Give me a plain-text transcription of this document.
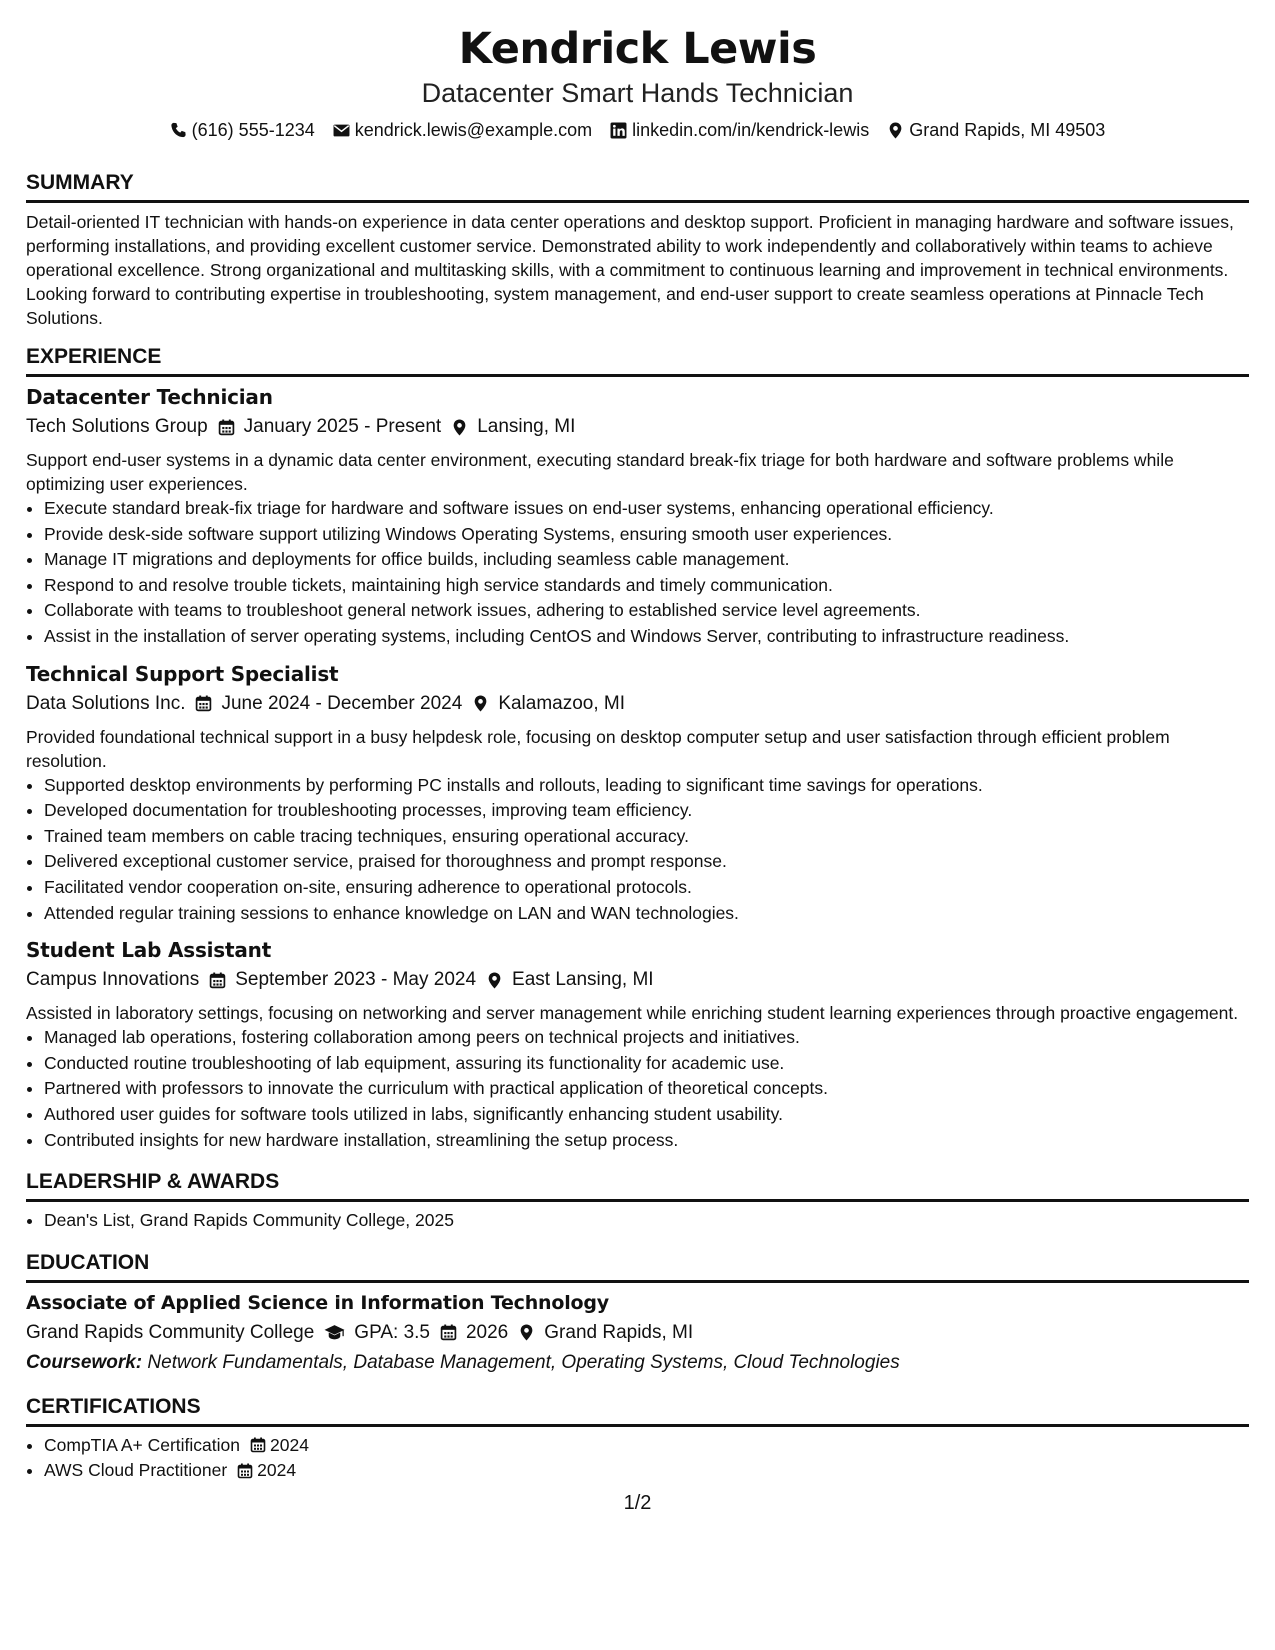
Kendrick Lewis
Datacenter Smart Hands Technician
(616) 555-1234 kendrick.lewis@example.com linkedin.com/in/kendrick-lewis Grand Rapids, MI 49503
SUMMARY

Detail-oriented IT technician with hands-on experience in data center operations and desktop support. Proficient in managing hardware and software issues, performing installations, and providing excellent customer service. Demonstrated ability to work independently and collaboratively within teams to achieve operational excellence. Strong organizational and multitasking skills, with a commitment to continuous learning and improvement in technical environments. Looking forward to contributing expertise in troubleshooting, system management, and end-user support to create seamless operations at Pinnacle Tech Solutions.

EXPERIENCE
Datacenter Technician
Tech Solutions Group January 2025 - Present Lansing, MI
Support end-user systems in a dynamic data center environment, executing standard break-fix triage for both hardware and software problems while optimizing user experiences.
• Execute standard break-fix triage for hardware and software issues on end-user systems, enhancing operational efficiency.
• Provide desk-side software support utilizing Windows Operating Systems, ensuring smooth user experiences.
• Manage IT migrations and deployments for office builds, including seamless cable management.
• Respond to and resolve trouble tickets, maintaining high service standards and timely communication.
• Collaborate with teams to troubleshoot general network issues, adhering to established service level agreements.
• Assist in the installation of server operating systems, including CentOS and Windows Server, contributing to infrastructure readiness.
Technical Support Specialist
Data Solutions Inc. June 2024 - December 2024 Kalamazoo, MI
Provided foundational technical support in a busy helpdesk role, focusing on desktop computer setup and user satisfaction through efficient problem resolution.
• Supported desktop environments by performing PC installs and rollouts, leading to significant time savings for operations.
• Developed documentation for troubleshooting processes, improving team efficiency.
• Trained team members on cable tracing techniques, ensuring operational accuracy.
• Delivered exceptional customer service, praised for thoroughness and prompt response.
• Facilitated vendor cooperation on-site, ensuring adherence to operational protocols.
• Attended regular training sessions to enhance knowledge on LAN and WAN technologies.
Student Lab Assistant
Campus Innovations September 2023 - May 2024 East Lansing, MI
Assisted in laboratory settings, focusing on networking and server management while enriching student learning experiences through proactive engagement.
• Managed lab operations, fostering collaboration among peers on technical projects and initiatives.
• Conducted routine troubleshooting of lab equipment, assuring its functionality for academic use.
• Partnered with professors to innovate the curriculum with practical application of theoretical concepts.
• Authored user guides for software tools utilized in labs, significantly enhancing student usability.
• Contributed insights for new hardware installation, streamlining the setup process.
LEADERSHIP & AWARDS
• Dean's List, Grand Rapids Community College, 2025
EDUCATION
Associate of Applied Science in Information Technology
Grand Rapids Community College GPA: 3.5 2026 Grand Rapids, MI
Coursework: Network Fundamentals, Database Management, Operating Systems, Cloud Technologies
CERTIFICATIONS
• CompTIA A+ Certification 2024
• AWS Cloud Practitioner 2024
1/2
